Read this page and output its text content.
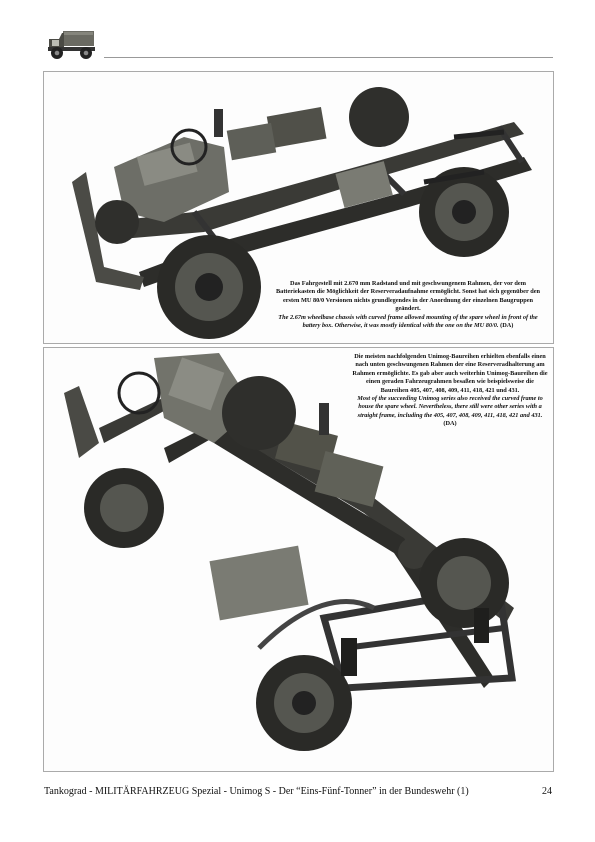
Das Fahrgestell mit 2.670 mm Radstand und mit geschwungenem Rahmen, der vor dem Batteriekasten die Möglichkeit der Reserveradaufnahme ermöglicht. Sonst hat sich gegenüber den ersten MU 80/0 Versionen nichts grundlegendes in der Anordnung der einzelnen Baugruppen geändert.
The 2.67m wheelbase chassis with curved frame allowed mounting of the spare wheel in front of the battery box. Otherwise, it was mostly identical with the one on the MU 80/0. (DA)
Die meisten nachfolgenden Unimog-Baureihen erhielten ebenfalls einen nach unten geschwungenen Rahmen der eine Reserveradhalterung am Rahmen ermöglichte. Es gab aber auch weiterhin Unimog-Baureihen die einen geraden Fahrzeugrahmen besaßen wie beispielsweise die Baureihen 405, 407, 408, 409, 411, 418, 421 und 431.
Most of the succeeding Unimog series also received the curved frame to house the spare wheel. Nevertheless, there still were other series with a straight frame, including the 405, 407, 408, 409, 411, 418, 421 and 431. (DA)
Tankograd - MILITÄRFAHRZEUG Spezial - Unimog S - Der “Eins-Fünf-Tonner” in der Bundeswehr (1)	24
